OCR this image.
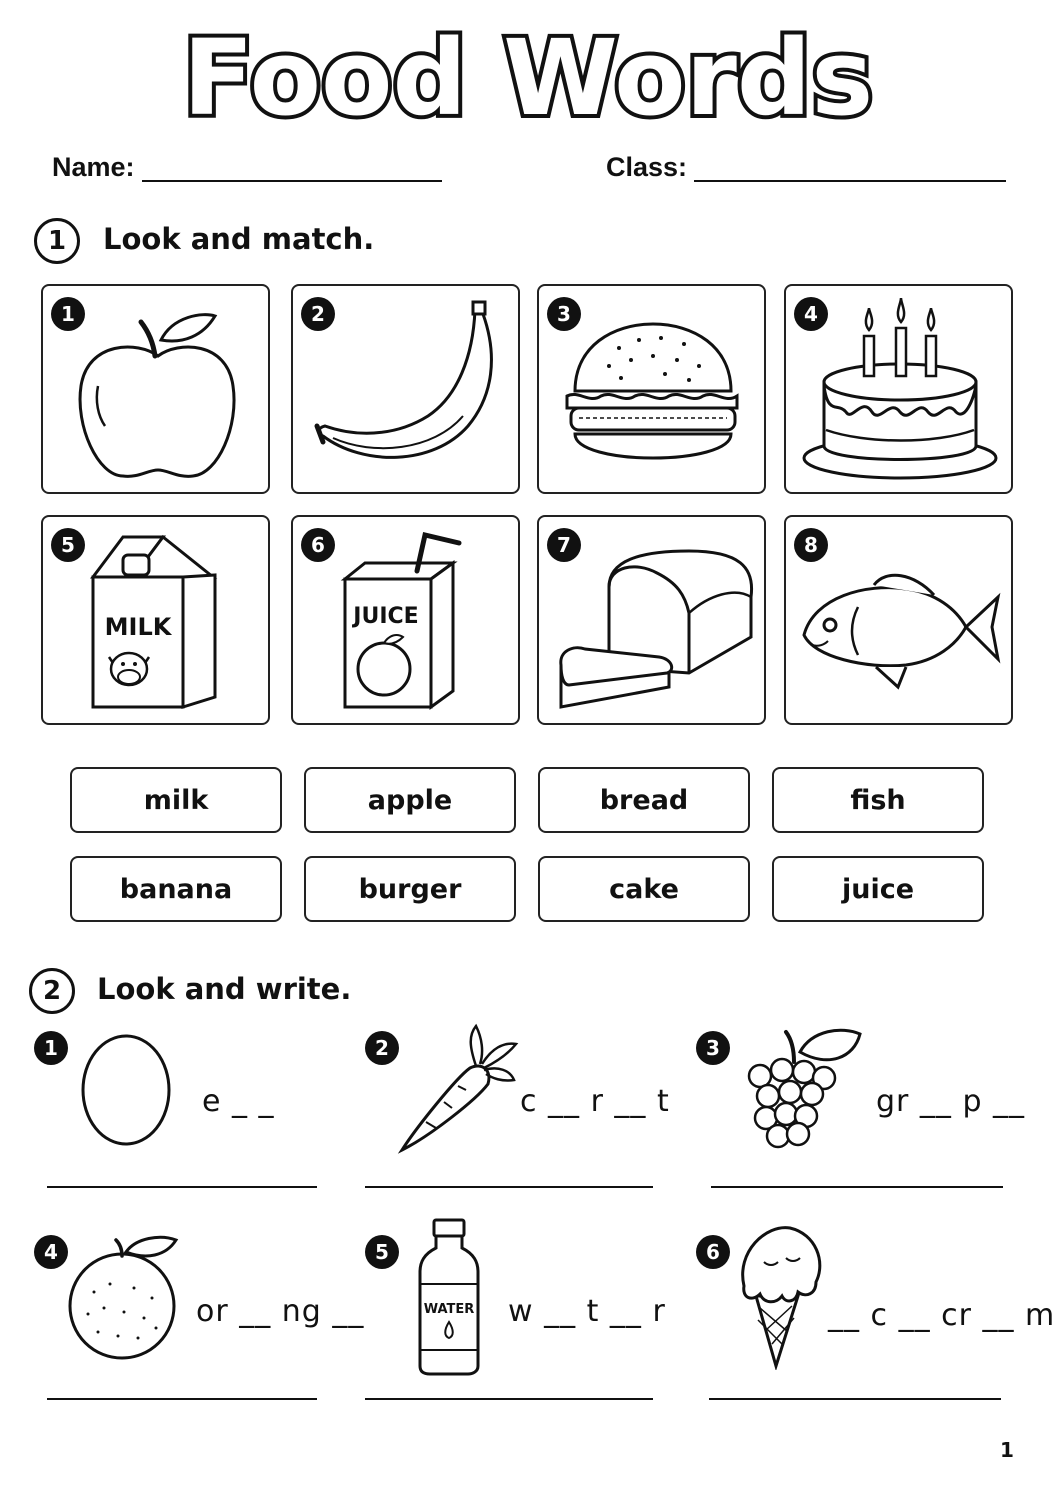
Food Words
Name:	Class:
1	Look and match.
1	2	3	4
MILK
5
JUICE
6	7	8
milk	apple	bread	fish
banana	burger	cake	juice
2	Look and write.
1
e _ _
2
c __ r __ t
3
gr __ p __
4
or __ ng __
5
WATER w __ t __ r
6
__ c __ cr __ m
1
